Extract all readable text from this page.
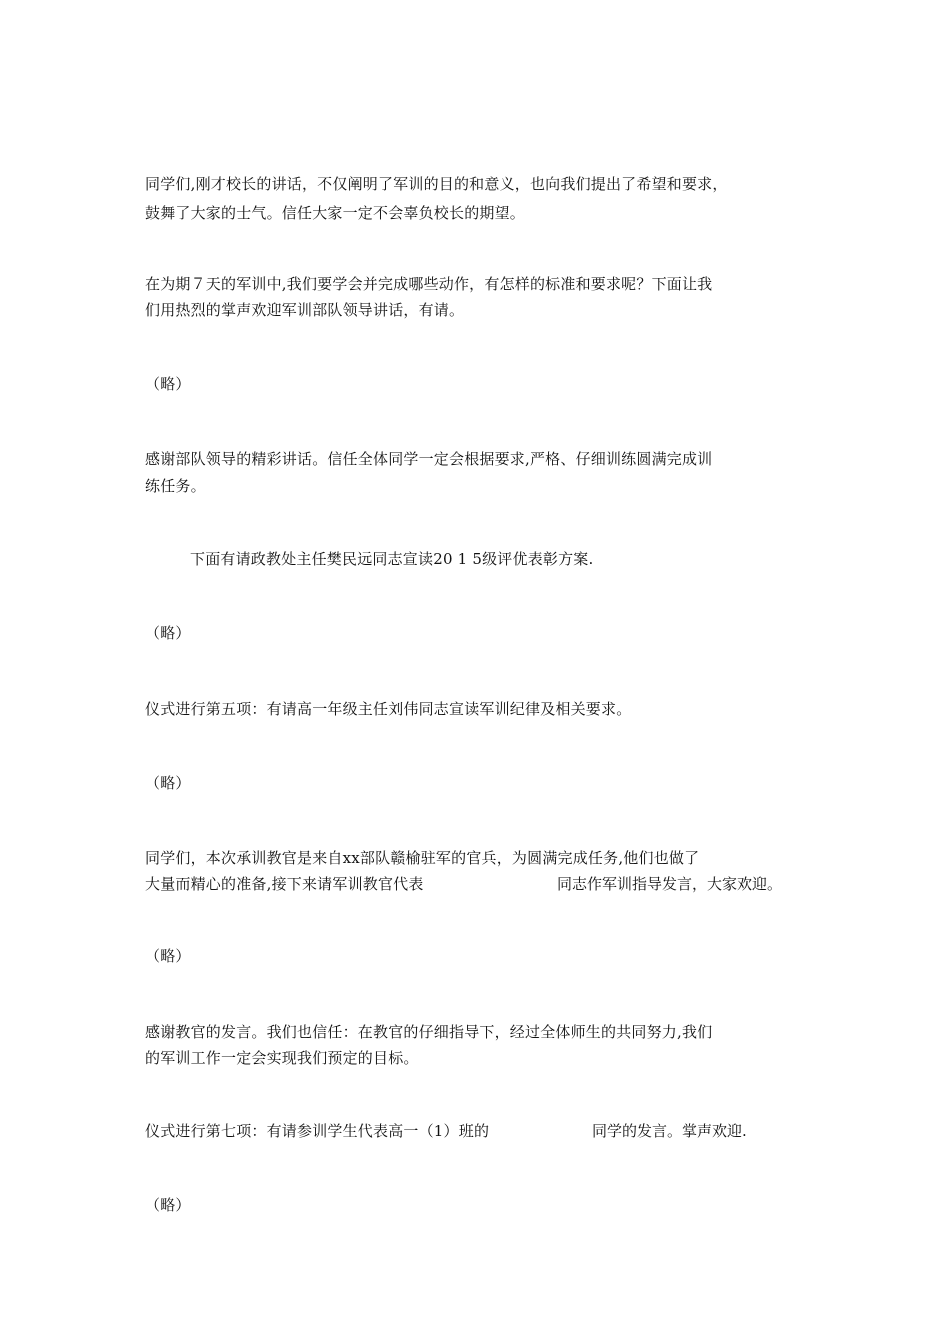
同学们,刚才校长的讲话，不仅阐明了军训的目的和意义，也向我们提出了希望和要求，
鼓舞了大家的士气。信任大家一定不会辜负校长的期望。
在为期７天的军训中,我们要学会并完成哪些动作，有怎样的标准和要求呢？下面让我
们用热烈的掌声欢迎军训部队领导讲话，有请。
（略）
感谢部队领导的精彩讲话。信任全体同学一定会根据要求,严格、仔细训练圆满完成训
练任务。
下面有请政教处主任樊民远同志宣读20 1 5级评优表彰方案.
（略）
仪式进行第五项：有请高一年级主任刘伟同志宣读军训纪律及相关要求。
（略）
同学们，本次承训教官是来自xx部队赣榆驻军的官兵，为圆满完成任务,他们也做了
大量而精心的准备,接下来请军训教官代表	同志作军训指导发言，大家欢迎。
（略）
感谢教官的发言。我们也信任：在教官的仔细指导下，经过全体师生的共同努力,我们
的军训工作一定会实现我们预定的目标。
仪式进行第七项：有请参训学生代表高一（1）班的	同学的发言。掌声欢迎.
（略）
